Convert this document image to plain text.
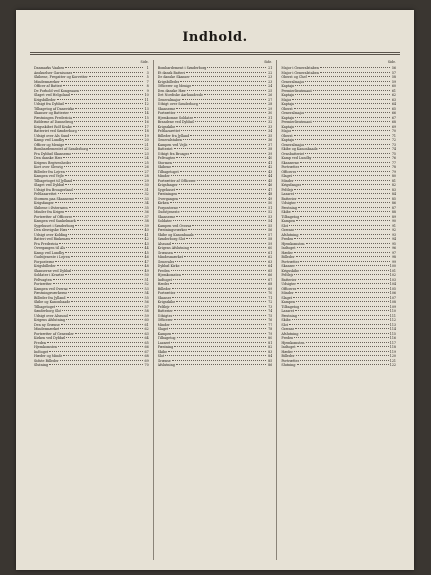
Indhold.
Side.
Danmarks Vaaben	1
Anskuelser Garnisoner	3
Skibene, Fregatter og Korvetter	5
Mindesmærker	7
Officer af Batteri	8
De Forhold ved Kongeaaen	9
Slaget ved Helgoland	10
Krigsbilleder	11
Udsigt fra Dybbøl	12
Tilbagetog af Danevirke	13
Skanser og Batterier	14
Fæstningen Fredericia	15
Ridderne af Dannebrog	16
Krigsskibet Rolf Krake	17
Batteriet ved Sønderborg	18
Udsigt over Als Sund	19
Kamp ved Lundby	20
Officer og Menige	21
Bombardementet af Sønderborg	22
Fra Dybbøl Skanserne	23
Den danske Hær	24
Krigens Begivenheder	25
Kort over Slesvig	26
Billeder fra Lejren	27
Kampen ved Vejle	28
Tilbagetoget til Jylland	29
Slaget ved Dybbøl	30
Udsigt fra Broagerland	31
Feltlazarettet	32
Stormen paa Skanserne	33
Krigsfanger	34
Skibene i Østersøen	35
Minder fra Krigen	36
Portrætter af Officerer	37
Kampen ved Sankelmark	38
Sygehuset i Sønderborg	39
Den slesvigske Hær	40
Udsigt over Kolding	41
Batteri ved Rinkenæs	42
Fra Fredericia	43
Overgangen til Als	44
Kamp ved Lundby	45
Gudstjeneste i Lejren	46
Forposterne	47
Krigsbilleder	48
Skanserne ved Dybbøl	49
Soldater i Kvarter	50
Feltvagten	51
Portrætter	52
Kampen ved Oversø	53
Fæstningsværkerne	54
Billeder fra Jylland	55
Skibe og Kanonbaade	56
Tilbagetoget	57
Sønderborg Slot	58
Udsigt over Alssund	59
Krigens Afslutning	60
Den ny Grænse	61
Mindesmærket	62
Portrætter af Generaler	63
Kirken ved Dybbøl	64
Freden	65
Hjemkomsten	66
Indtoget	67
Hæder og Minde	68
Sidste Billeder	69
Slutning	70
Side.
Bombardement i Sønderborg	21
Et dansk Batteri	22
De danske Skanser	23
Krigsbilleder	23
Officerer og Menige	24
Den danske Hær	25
Det Nordiske Aarhundrede	26
Generalmajor	27
Udsigt over Sønderborg	28
Skanserne	29
Portrætter	30
Hjemkomne Soldater	31
Brandene ved Dybbøl	32
Krigsskibe	33
Feltlazarettet	34
Billeder fra Jylland	35
Generalstaben	36
Kampen ved Vejle	37
Batteriet	38
Udsigt fra Broager	39
Feltvagten	40
Stormen	41
Skibene	42
Tilbagetoget	43
Minder	44
Portrætter af Officerer	45
Krigsfanger	46
Sygehuset	47
Fæstningen	48
Overgangen	49
Kirken	50
Forposterne	51
Gudstjeneste	52
Skanserne	53
Soldater	54
Kampen ved Oversø	55
Fæstningsværker	56
Skibe og Kanonbaade	57
Sønderborg Slot	58
Alssund	59
Krigens Afslutning	60
Grænsen	61
Mindesmærket	62
Generaler	63
Dybbøl Kirke	64
Freden	65
Hjemkomsten	66
Indtoget	67
Hæder	68
Billeder	69
Portrætter	70
Skanser	71
Krigsskibe	72
Feltlejr	73
Batterier	74
Udsigter	75
Officerer	76
Minder	77
Slaget	78
Kampen	79
Tilbagetog	80
Lazaret	81
Fæstning	82
Skibe	83
Slot	84
Grænse	85
Afslutning	86
Side.
Major i Generalstaben	56
Major i Generalstaben	57
Oberst og Chef	58
Generalmajor	59
Kaptajn	60
Premierlieutenant	61
Kaptajn	62
Major	63
Kaptajn	64
Oberst	65
Generalmajor	66
Kaptajn	67
Premierlieutenant	68
Kaptajn	69
Major	70
Oberst	71
Kaptajn	72
Generalmajor	73
Skibe og Kanonbaade	74
Ovnsbatteriet	75
Kamp ved Lundby	76
Skanserne	77
Portrætter	78
Officerer	79
Slaget	80
Minder	81
Krigsfanger	82
Feltlejr	83
Lazaret	84
Batterier	85
Udsigter	86
Fæstning	87
Skibe	88
Tilbagetog	89
Kampen	90
Slot	91
Grænse	92
Afslutning	93
Freden	94
Hjemkomsten	95
Indtoget	96
Hæder	97
Billeder	98
Portrætter	99
Skanser	100
Krigsskibe	101
Feltlejr	102
Batterier	103
Udsigter	104
Officerer	105
Minder	106
Slaget	107
Kampen	108
Tilbagetog	109
Lazaret	110
Fæstning	111
Skibe	112
Slot	113
Grænse	114
Afslutning	115
Freden	116
Hjemkomsten	117
Indtoget	118
Hæder	119
Billeder	120
Portrætter	121
Slutning	122
